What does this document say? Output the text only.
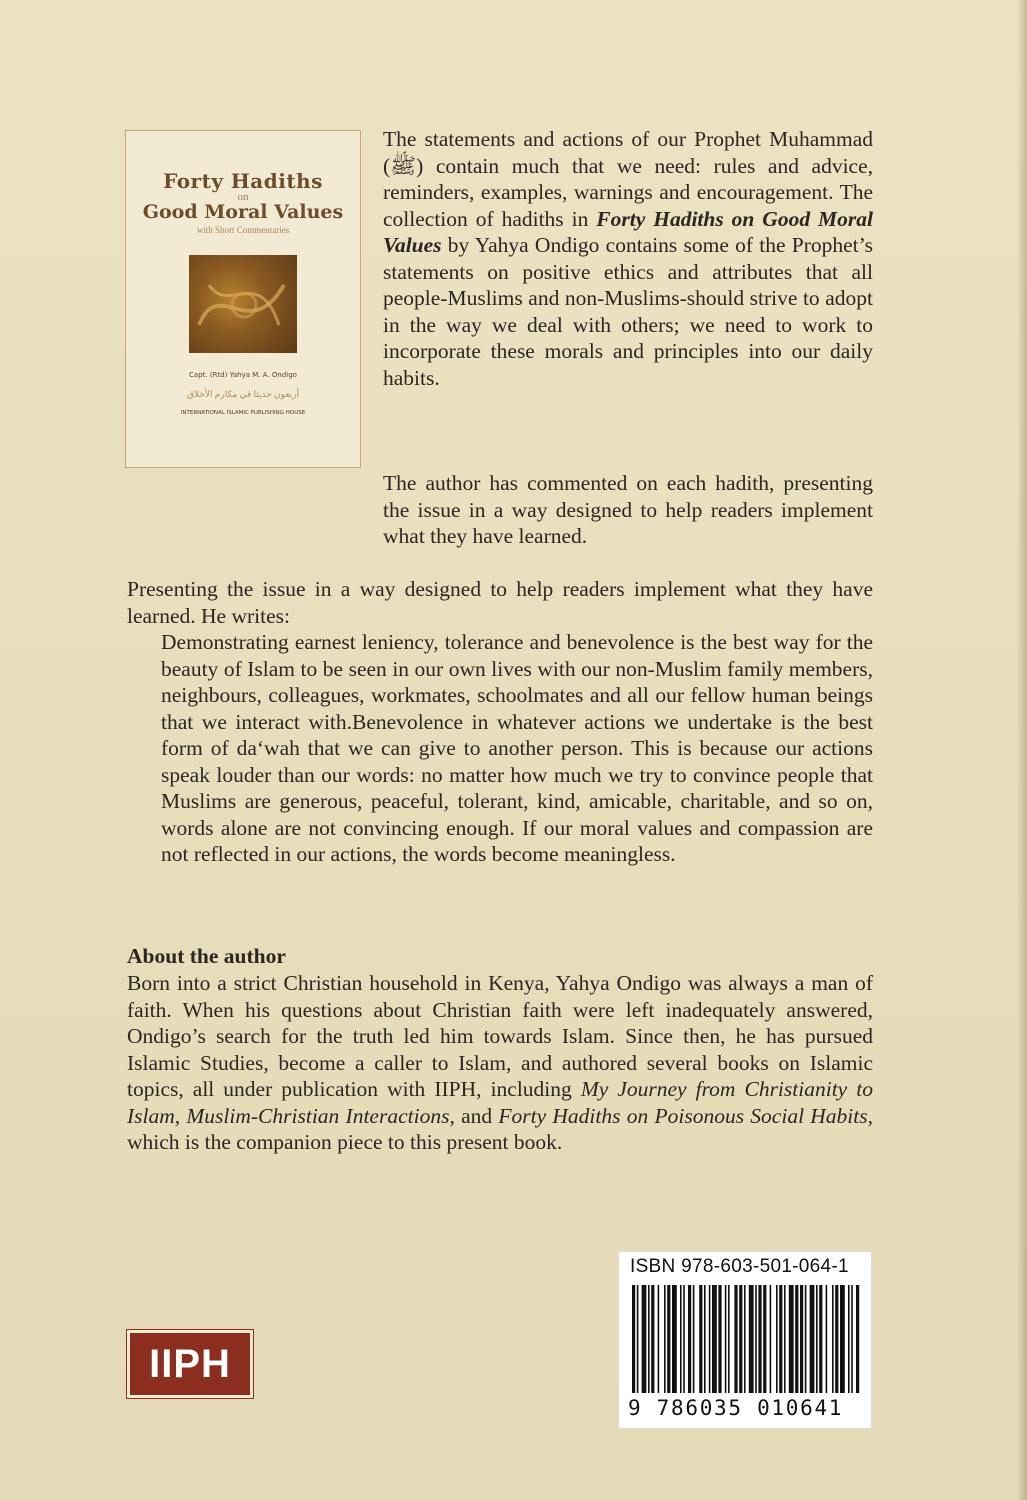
Forty Hadiths
on
Good Moral Values
with Short Commentaries
Capt. (Rtd) Yahya M. A. Ondigo
أربعون حديثا في مكارم الأخلاق
INTERNATIONAL ISLAMIC PUBLISHING HOUSE
The statements and actions of our Prophet Muhammad (ﷺ) contain much that we need: rules and advice, reminders, examples, warnings and encouragement. The collection of hadiths in Forty Hadiths on Good Moral Values by Yahya Ondigo contains some of the Prophet’s statements on positive ethics and attributes that all people-Muslims and non-Muslims-should strive to adopt in the way we deal with others; we need to work to incorporate these morals and principles into our daily habits.
The author has commented on each hadith, presenting the issue in a way designed to help readers implement what they have learned.
Presenting the issue in a way designed to help readers implement what they have learned. He writes:
Demonstrating earnest leniency, tolerance and benevolence is the best way for the beauty of Islam to be seen in our own lives with our non-Muslim family members, neighbours, colleagues, workmates, schoolmates and all our fellow human beings that we interact with.Benevolence in whatever actions we undertake is the best form of da‘wah that we can give to another person. This is because our actions speak louder than our words: no matter how much we try to convince people that Muslims are generous, peaceful, tolerant, kind, amicable, charitable, and so on, words alone are not convincing enough. If our moral values and compassion are not reflected in our actions, the words become meaningless.
About the author
Born into a strict Christian household in Kenya, Yahya Ondigo was always a man of faith. When his questions about Christian faith were left inadequately answered, Ondigo’s search for the truth led him towards Islam. Since then, he has pursued Islamic Studies, become a caller to Islam, and authored several books on Islamic topics, all under publication with IIPH, including My Journey from Christianity to Islam, Muslim-Christian Interactions, and Forty Hadiths on Poisonous Social Habits, which is the companion piece to this present book.
IIPH
ISBN 978-603-501-064-1
9 786035 010641
